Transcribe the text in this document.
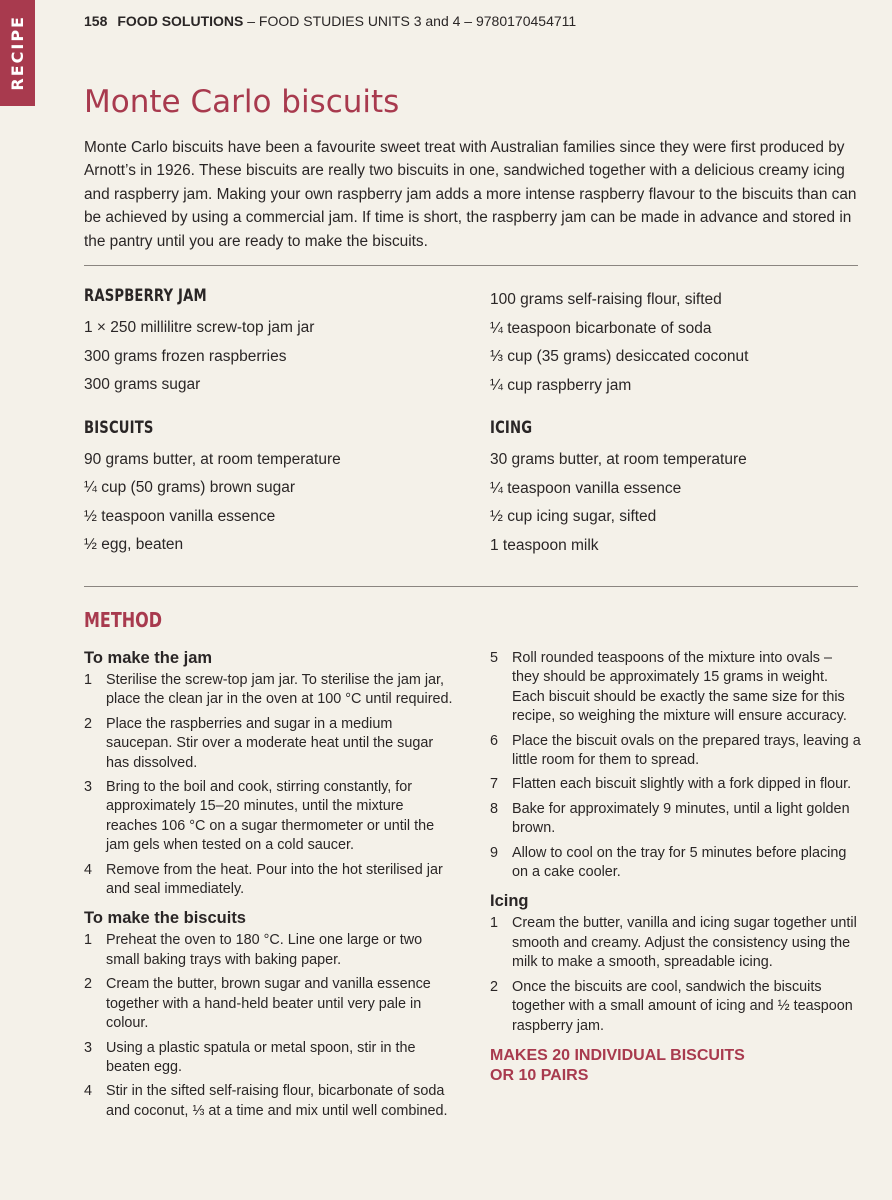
RECIPE	158 FOOD SOLUTIONS – FOOD STUDIES UNITS 3 and 4 – 9780170454711
Monte Carlo biscuits

Monte Carlo biscuits have been a favourite sweet treat with Australian families since they were first produced by Arnott’s in 1926. These biscuits are really two biscuits in one, sandwiched together with a delicious creamy icing and raspberry jam. Making your own raspberry jam adds a more intense raspberry flavour to the biscuits than can be achieved by using a commercial jam. If time is short, the raspberry jam can be made in advance and stored in the pantry until you are ready to make the biscuits.

RASPBERRY JAM
1 × 250 millilitre screw-top jam jar
300 grams frozen raspberries
300 grams sugar
BISCUITS
90 grams butter, at room temperature
¼ cup (50 grams) brown sugar
½ teaspoon vanilla essence
½ egg, beaten
100 grams self-raising flour, sifted
¼ teaspoon bicarbonate of soda
⅓ cup (35 grams) desiccated coconut
¼ cup raspberry jam
ICING
30 grams butter, at room temperature
¼ teaspoon vanilla essence
½ cup icing sugar, sifted
1 teaspoon milk
METHOD
To make the jam
1 Sterilise the screw-top jam jar. To sterilise the jam jar, place the clean jar in the oven at 100 °C until required.
2 Place the raspberries and sugar in a medium saucepan. Stir over a moderate heat until the sugar has dissolved.
3 Bring to the boil and cook, stirring constantly, for approximately 15–20 minutes, until the mixture reaches 106 °C on a sugar thermometer or until the jam gels when tested on a cold saucer.
4 Remove from the heat. Pour into the hot sterilised jar and seal immediately.
To make the biscuits
1 Preheat the oven to 180 °C. Line one large or two small baking trays with baking paper.
2 Cream the butter, brown sugar and vanilla essence together with a hand-held beater until very pale in colour.
3 Using a plastic spatula or metal spoon, stir in the beaten egg.
4 Stir in the sifted self-raising flour, bicarbonate of soda and coconut, ⅓ at a time and mix until well combined.
5 Roll rounded teaspoons of the mixture into ovals – they should be approximately 15 grams in weight. Each biscuit should be exactly the same size for this recipe, so weighing the mixture will ensure accuracy.
6 Place the biscuit ovals on the prepared trays, leaving a little room for them to spread.
7 Flatten each biscuit slightly with a fork dipped in flour.
8 Bake for approximately 9 minutes, until a light golden brown.
9 Allow to cool on the tray for 5 minutes before placing on a cake cooler.
Icing
1 Cream the butter, vanilla and icing sugar together until smooth and creamy. Adjust the consistency using the milk to make a smooth, spreadable icing.
2 Once the biscuits are cool, sandwich the biscuits together with a small amount of icing and ½ teaspoon raspberry jam.
MAKES 20 INDIVIDUAL BISCUITS
OR 10 PAIRS
